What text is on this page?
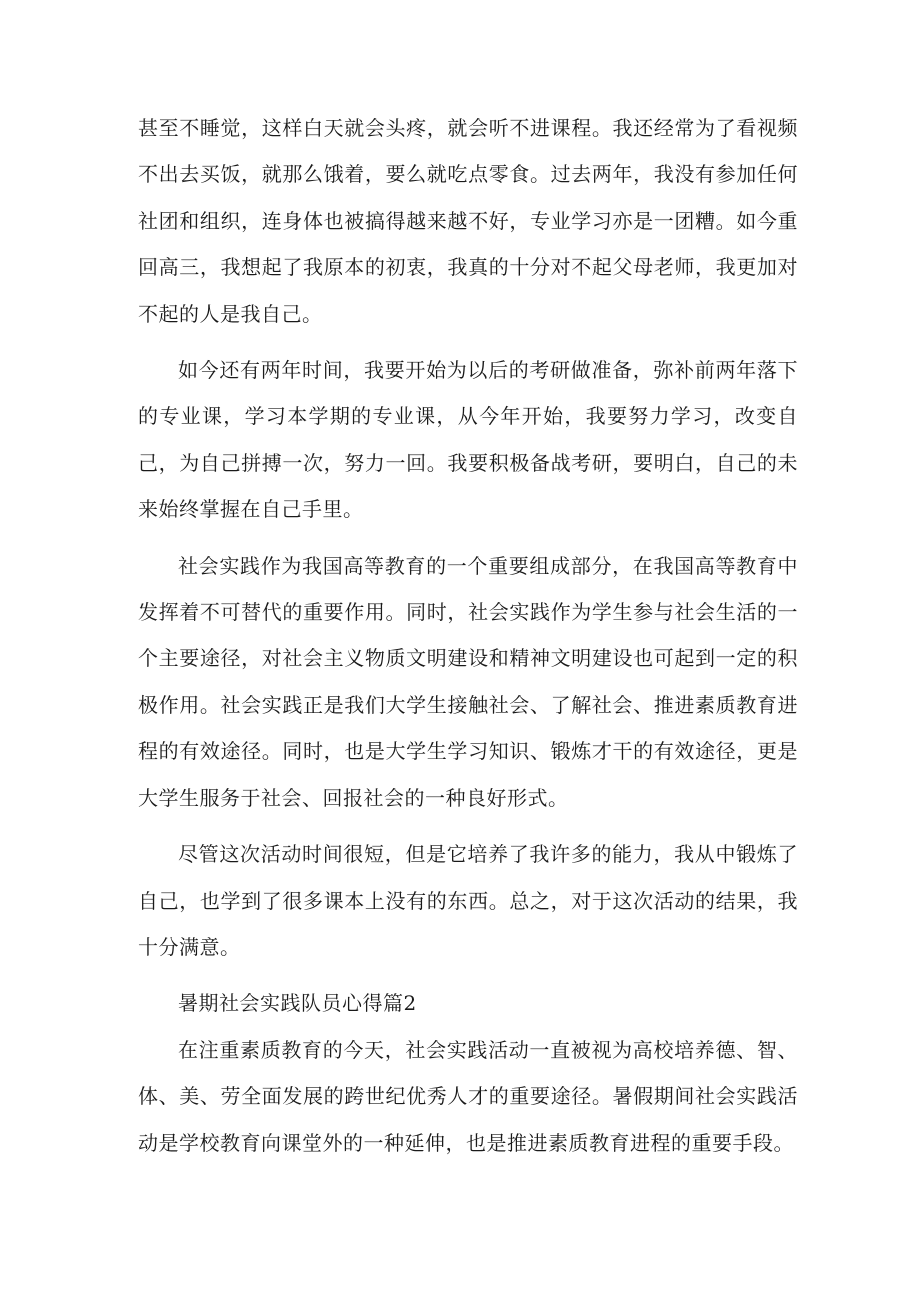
甚至不睡觉，这样白天就会头疼，就会听不进课程。我还经常为了看视频不出去买饭，就那么饿着，要么就吃点零食。过去两年，我没有参加任何社团和组织，连身体也被搞得越来越不好，专业学习亦是一团糟。如今重回高三，我想起了我原本的初衷，我真的十分对不起父母老师，我更加对不起的人是我自己。

如今还有两年时间，我要开始为以后的考研做准备，弥补前两年落下的专业课，学习本学期的专业课，从今年开始，我要努力学习，改变自己，为自己拼搏一次，努力一回。我要积极备战考研，要明白，自己的未来始终掌握在自己手里。

社会实践作为我国高等教育的一个重要组成部分，在我国高等教育中发挥着不可替代的重要作用。同时，社会实践作为学生参与社会生活的一个主要途径，对社会主义物质文明建设和精神文明建设也可起到一定的积极作用。社会实践正是我们大学生接触社会、了解社会、推进素质教育进程的有效途径。同时，也是大学生学习知识、锻炼才干的有效途径，更是大学生服务于社会、回报社会的一种良好形式。

尽管这次活动时间很短，但是它培养了我许多的能力，我从中锻炼了自己，也学到了很多课本上没有的东西。总之，对于这次活动的结果，我十分满意。

暑期社会实践队员心得篇2

在注重素质教育的今天，社会实践活动一直被视为高校培养德、智、体、美、劳全面发展的跨世纪优秀人才的重要途径。暑假期间社会实践活动是学校教育向课堂外的一种延伸，也是推进素质教育进程的重要手段。
